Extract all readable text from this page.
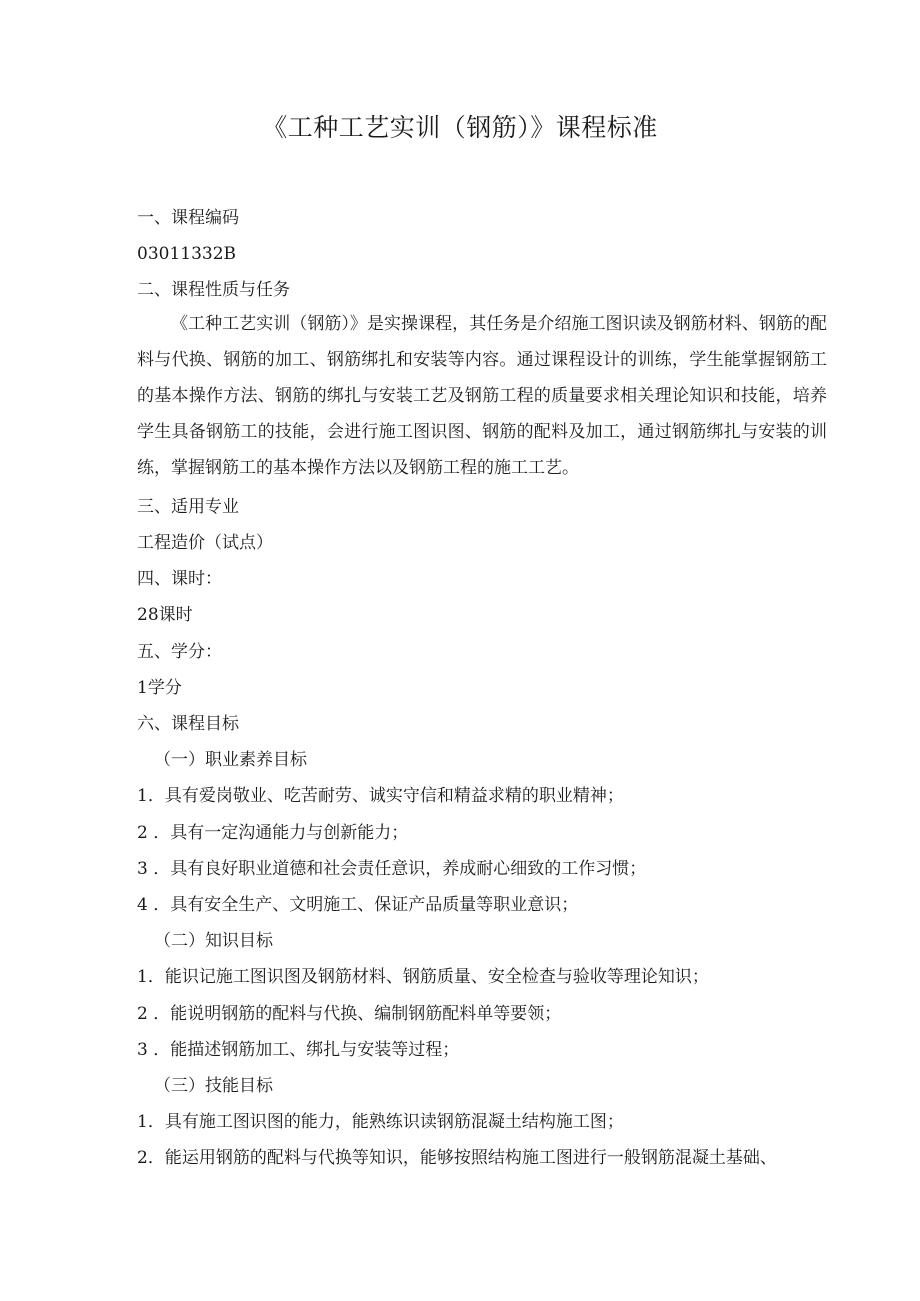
《工种工艺实训（钢筋）》课程标准
一、课程编码
03011332B
二、课程性质与任务
《工种工艺实训（钢筋）》是实操课程，其任务是介绍施工图识读及钢筋材料、钢筋的配料与代换、钢筋的加工、钢筋绑扎和安装等内容。通过课程设计的训练，学生能掌握钢筋工的基本操作方法、钢筋的绑扎与安装工艺及钢筋工程的质量要求相关理论知识和技能，培养学生具备钢筋工的技能，会进行施工图识图、钢筋的配料及加工，通过钢筋绑扎与安装的训练，掌握钢筋工的基本操作方法以及钢筋工程的施工工艺。
三、适用专业
工程造价（试点）
四、课时：
28课时
五、学分：
1学分
六、课程目标
（一）职业素养目标
1．具有爱岗敬业、吃苦耐劳、诚实守信和精益求精的职业精神；
2 ．具有一定沟通能力与创新能力；
3 ．具有良好职业道德和社会责任意识，养成耐心细致的工作习惯；
4 ．具有安全生产、文明施工、保证产品质量等职业意识；
（二）知识目标
1．能识记施工图识图及钢筋材料、钢筋质量、安全检查与验收等理论知识；
2 ．能说明钢筋的配料与代换、编制钢筋配料单等要领；
3 ．能描述钢筋加工、绑扎与安装等过程；
（三）技能目标
1．具有施工图识图的能力，能熟练识读钢筋混凝土结构施工图；
2．能运用钢筋的配料与代换等知识，能够按照结构施工图进行一般钢筋混凝土基础、
